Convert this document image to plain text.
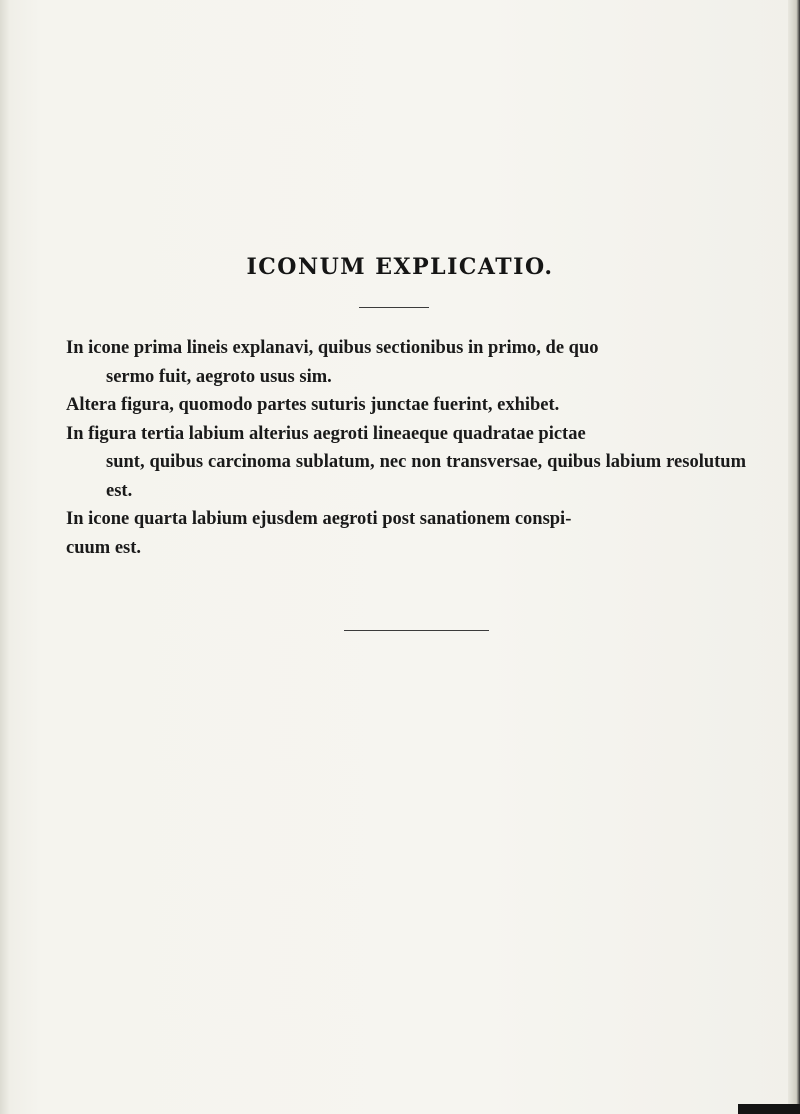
ICONUM EXPLICATIO.

In icone prima lineis explanavi, quibus sectionibus in primo, de quo
sermo fuit, aegroto usus sim.

Altera figura, quomodo partes suturis junctae fuerint, exhibet.

In figura tertia labium alterius aegroti lineaeque quadratae pictae
sunt, quibus carcinoma sublatum, nec non transversae, quibus labium resolutum est.

In icone quarta labium ejusdem aegroti post sanationem conspi-
cuum est.
